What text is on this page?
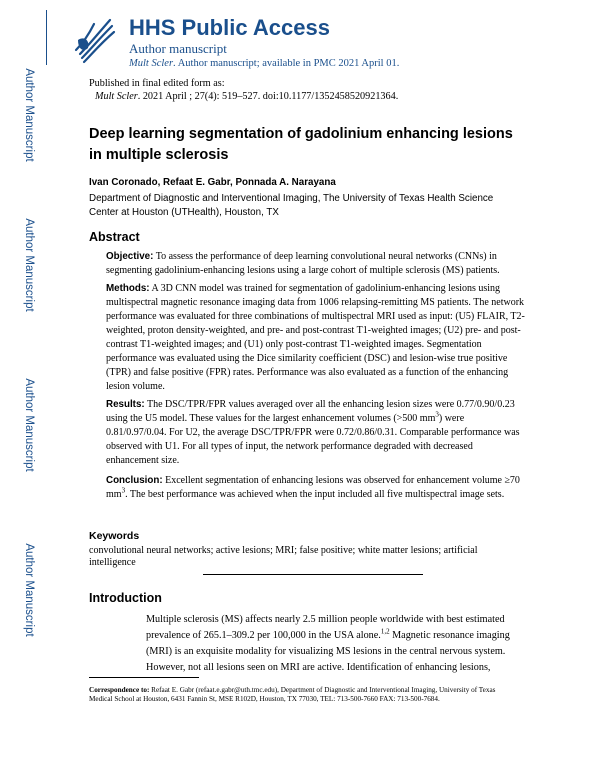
Author Manuscript
Author Manuscript
Author Manuscript
Author Manuscript
HHS Public Access
Author manuscript
Mult Scler. Author manuscript; available in PMC 2021 April 01.
Published in final edited form as:
Mult Scler. 2021 April ; 27(4): 519–527. doi:10.1177/1352458520921364.
Deep learning segmentation of gadolinium enhancing lesions in multiple sclerosis
Ivan Coronado, Refaat E. Gabr, Ponnada A. Narayana
Department of Diagnostic and Interventional Imaging, The University of Texas Health Science Center at Houston (UTHealth), Houston, TX
Abstract
Objective: To assess the performance of deep learning convolutional neural networks (CNNs) in segmenting gadolinium-enhancing lesions using a large cohort of multiple sclerosis (MS) patients.
Methods: A 3D CNN model was trained for segmentation of gadolinium-enhancing lesions using multispectral magnetic resonance imaging data from 1006 relapsing-remitting MS patients. The network performance was evaluated for three combinations of multispectral MRI used as input: (U5) FLAIR, T2-weighted, proton density-weighted, and pre- and post-contrast T1-weighted images; (U2) pre- and post-contrast T1-weighted images; and (U1) only post-contrast T1-weighted images. Segmentation performance was evaluated using the Dice similarity coefficient (DSC) and lesion-wise true positive (TPR) and false positive (FPR) rates. Performance was also evaluated as a function of the enhancing lesion volume.
Results: The DSC/TPR/FPR values averaged over all the enhancing lesion sizes were 0.77/0.90/0.23 using the U5 model. These values for the largest enhancement volumes (>500 $mm^3$) were 0.81/0.97/0.04. For U2, the average DSC/TPR/FPR were 0.72/0.86/0.31. Comparable performance was observed with U1. For all types of input, the network performance degraded with decreased enhancement size.
Conclusion: Excellent segmentation of enhancing lesions was observed for enhancement volume ≥70 $mm^3$. The best performance was achieved when the input included all five multispectral image sets.
Keywords
convolutional neural networks; active lesions; MRI; false positive; white matter lesions; artificial intelligence
Introduction
Multiple sclerosis (MS) affects nearly 2.5 million people worldwide with best estimated prevalence of 265.1–309.2 per 100,000 in the USA alone.$^{1,2}$ Magnetic resonance imaging (MRI) is an exquisite modality for visualizing MS lesions in the central nervous system. However, not all lesions seen on MRI are active. Identification of enhancing lesions,
Correspondence to: Refaat E. Gabr (refaat.e.gabr@uth.tmc.edu), Department of Diagnostic and Interventional Imaging, University of Texas Medical School at Houston, 6431 Fannin St, MSE R102D, Houston, TX 77030, TEL: 713-500-7660 FAX: 713-500-7684.
